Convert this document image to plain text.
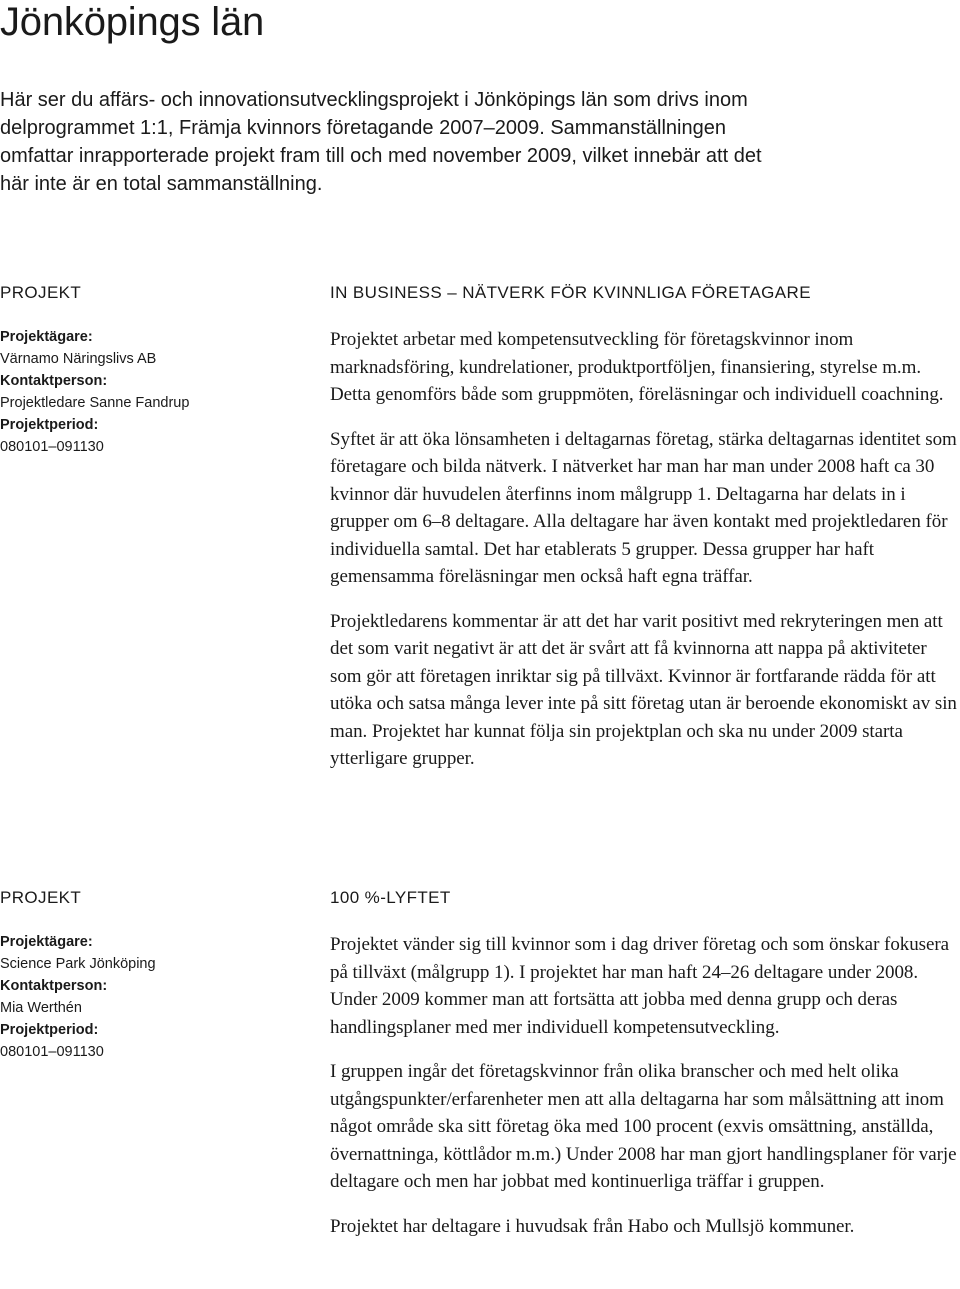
Jönköpings län

Här ser du affärs- och innovationsutvecklingsprojekt i Jönköpings län som drivs inom delprogrammet 1:1, Främja kvinnors företagande 2007–2009. Sammanställningen omfattar inrapporterade projekt fram till och med november 2009, vilket innebär att det här inte är en total sammanställning.

PROJEKT
Projektägare:
Värnamo Näringslivs AB
Kontaktperson:
Projektledare Sanne Fandrup
Projektperiod:
080101–091130
IN BUSINESS – NÄTVERK FÖR KVINNLIGA FÖRETAGARE

Projektet arbetar med kompetensutveckling för företagskvinnor inom marknadsföring, kundrelationer, produktportföljen, finansiering, styrelse m.m. Detta genomförs både som gruppmöten, föreläsningar och individuell coachning.

Syftet är att öka lönsamheten i deltagarnas företag, stärka deltagarnas identitet som företagare och bilda nätverk. I nätverket har man har man under 2008 haft ca 30 kvinnor där huvudelen återfinns inom målgrupp 1. Deltagarna har delats in i grupper om 6–8 deltagare. Alla deltagare har även kontakt med projektledaren för individuella samtal. Det har etablerats 5 grupper. Dessa grupper har haft gemensamma föreläsningar men också haft egna träffar.

Projektledarens kommentar är att det har varit positivt med rekryteringen men att det som varit negativt är att det är svårt att få kvinnorna att nappa på aktiviteter som gör att företagen inriktar sig på tillväxt. Kvinnor är fortfarande rädda för att utöka och satsa många lever inte på sitt företag utan är beroende ekonomiskt av sin man. Projektet har kunnat följa sin projektplan och ska nu under 2009 starta ytterligare grupper.

PROJEKT
Projektägare:
Science Park Jönköping
Kontaktperson:
Mia Werthén
Projektperiod:
080101–091130
100 %-LYFTET

Projektet vänder sig till kvinnor som i dag driver företag och som önskar fokusera på tillväxt (målgrupp 1). I projektet har man haft 24–26 deltagare under 2008. Under 2009 kommer man att fortsätta att jobba med denna grupp och deras handlingsplaner med mer individuell kompetensutveckling.

I gruppen ingår det företagskvinnor från olika branscher och med helt olika utgångspunkter/erfarenheter men att alla deltagarna har som målsättning att inom något område ska sitt företag öka med 100 procent (exvis omsättning, anställda, övernattninga, köttlådor m.m.) Under 2008 har man gjort handlingsplaner för varje deltagare och men har jobbat med kontinuerliga träffar i gruppen.

Projektet har deltagare i huvudsak från Habo och Mullsjö kommuner.
